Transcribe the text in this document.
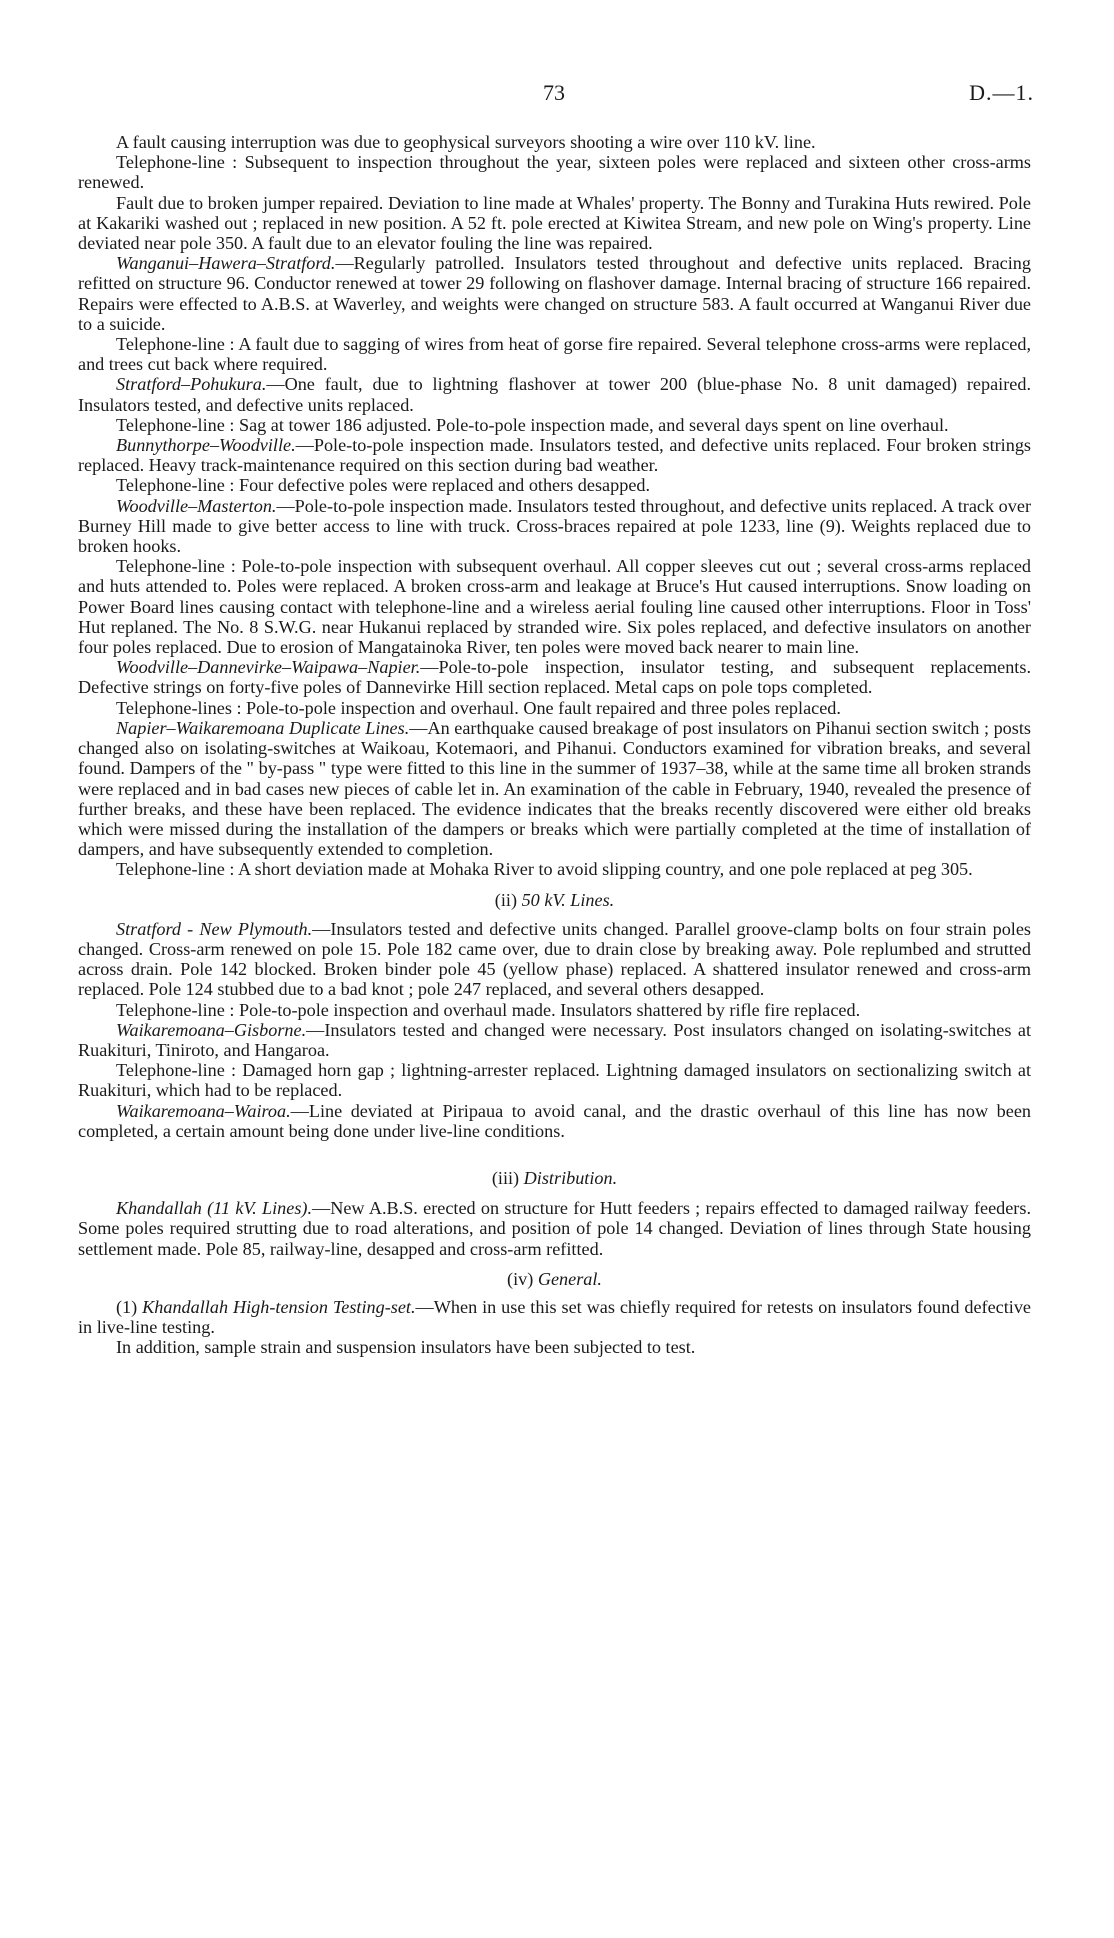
73	D.—1.

A fault causing interruption was due to geophysical surveyors shooting a wire over 110 kV. line.

Telephone-line : Subsequent to inspection throughout the year, sixteen poles were replaced and sixteen other cross-arms renewed.

Fault due to broken jumper repaired. Deviation to line made at Whales' property. The Bonny and Turakina Huts rewired. Pole at Kakariki washed out ; replaced in new position. A 52 ft. pole erected at Kiwitea Stream, and new pole on Wing's property. Line deviated near pole 350. A fault due to an elevator fouling the line was repaired.

Wanganui–Hawera–Stratford.—Regularly patrolled. Insulators tested throughout and defective units replaced. Bracing refitted on structure 96. Conductor renewed at tower 29 following on flashover damage. Internal bracing of structure 166 repaired. Repairs were effected to A.B.S. at Waverley, and weights were changed on structure 583. A fault occurred at Wanganui River due to a suicide.

Telephone-line : A fault due to sagging of wires from heat of gorse fire repaired. Several telephone cross-arms were replaced, and trees cut back where required.

Stratford–Pohukura.—One fault, due to lightning flashover at tower 200 (blue-phase No. 8 unit damaged) repaired. Insulators tested, and defective units replaced.

Telephone-line : Sag at tower 186 adjusted. Pole-to-pole inspection made, and several days spent on line overhaul.

Bunnythorpe–Woodville.—Pole-to-pole inspection made. Insulators tested, and defective units replaced. Four broken strings replaced. Heavy track-maintenance required on this section during bad weather.

Telephone-line : Four defective poles were replaced and others desapped.

Woodville–Masterton.—Pole-to-pole inspection made. Insulators tested throughout, and defective units replaced. A track over Burney Hill made to give better access to line with truck. Cross-braces repaired at pole 1233, line (9). Weights replaced due to broken hooks.

Telephone-line : Pole-to-pole inspection with subsequent overhaul. All copper sleeves cut out ; several cross-arms replaced and huts attended to. Poles were replaced. A broken cross-arm and leakage at Bruce's Hut caused interruptions. Snow loading on Power Board lines causing contact with telephone-line and a wireless aerial fouling line caused other interruptions. Floor in Toss' Hut replaned. The No. 8 S.W.G. near Hukanui replaced by stranded wire. Six poles replaced, and defective insulators on another four poles replaced. Due to erosion of Mangatainoka River, ten poles were moved back nearer to main line.

Woodville–Dannevirke–Waipawa–Napier.—Pole-to-pole inspection, insulator testing, and subsequent replacements. Defective strings on forty-five poles of Dannevirke Hill section replaced. Metal caps on pole tops completed.

Telephone-lines : Pole-to-pole inspection and overhaul. One fault repaired and three poles replaced.

Napier–Waikaremoana Duplicate Lines.—An earthquake caused breakage of post insulators on Pihanui section switch ; posts changed also on isolating-switches at Waikoau, Kotemaori, and Pihanui. Conductors examined for vibration breaks, and several found. Dampers of the " by-pass " type were fitted to this line in the summer of 1937–38, while at the same time all broken strands were replaced and in bad cases new pieces of cable let in. An examination of the cable in February, 1940, revealed the presence of further breaks, and these have been replaced. The evidence indicates that the breaks recently discovered were either old breaks which were missed during the installation of the dampers or breaks which were partially completed at the time of installation of dampers, and have subsequently extended to completion.

Telephone-line : A short deviation made at Mohaka River to avoid slipping country, and one pole replaced at peg 305.

(ii) 50 kV. Lines.

Stratford - New Plymouth.—Insulators tested and defective units changed. Parallel groove-clamp bolts on four strain poles changed. Cross-arm renewed on pole 15. Pole 182 came over, due to drain close by breaking away. Pole replumbed and strutted across drain. Pole 142 blocked. Broken binder pole 45 (yellow phase) replaced. A shattered insulator renewed and cross-arm replaced. Pole 124 stubbed due to a bad knot ; pole 247 replaced, and several others desapped.

Telephone-line : Pole-to-pole inspection and overhaul made. Insulators shattered by rifle fire replaced.

Waikaremoana–Gisborne.—Insulators tested and changed were necessary. Post insulators changed on isolating-switches at Ruakituri, Tiniroto, and Hangaroa.

Telephone-line : Damaged horn gap ; lightning-arrester replaced. Lightning damaged insulators on sectionalizing switch at Ruakituri, which had to be replaced.

Waikaremoana–Wairoa.—Line deviated at Piripaua to avoid canal, and the drastic overhaul of this line has now been completed, a certain amount being done under live-line conditions.

(iii) Distribution.

Khandallah (11 kV. Lines).—New A.B.S. erected on structure for Hutt feeders ; repairs effected to damaged railway feeders. Some poles required strutting due to road alterations, and position of pole 14 changed. Deviation of lines through State housing settlement made. Pole 85, railway-line, desapped and cross-arm refitted.

(iv) General.

(1) Khandallah High-tension Testing-set.—When in use this set was chiefly required for retests on insulators found defective in live-line testing.

In addition, sample strain and suspension insulators have been subjected to test.
